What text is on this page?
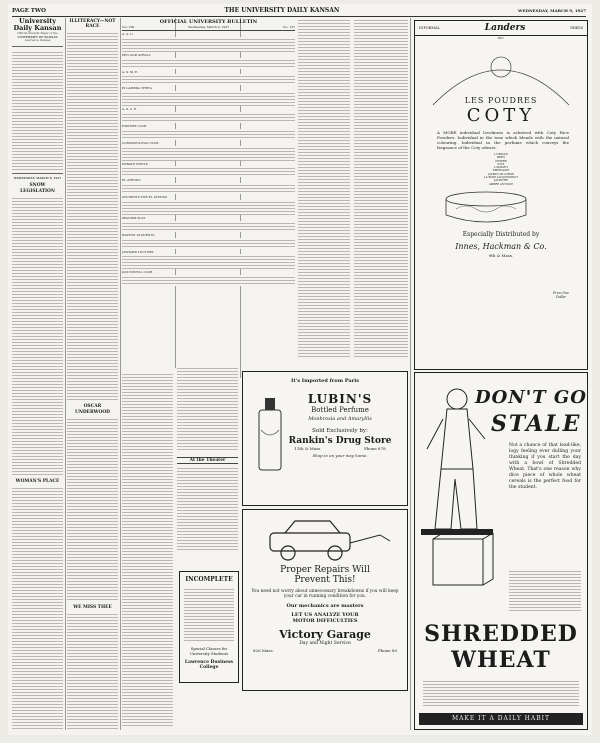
PAGE TWO	THE UNIVERSITY DAILY KANSAN	WEDNESDAY, MARCH 9, 1927
University Daily Kansan
Official Student Paper of the
UNIVERSITY OF KANSAS
Lawrence, Kansas
WEDNESDAY, MARCH 9, 1927
SNOW LEGISLATION
WOMAN'S PLACE
ILLITERACY—NOT RACE
OSCAR UNDERWOOD
WE MISS THEE
OFFICIAL UNIVERSITY BULLETIN
Vol. VIII	Wednesday, March 9, 1927	No. 137
A. A. U.
PEN AND SCROLL
A. S. M. E.
PI LAMBDA THETA
A. S. C. E.
HISTORY CLUB
COSMOPOLITAN CLUB
DEBATE CIRCLE
EL ATENEO
STUDENTS FOR EL ATENEO
SPANISH PLAY
BAPTIST STUDENTS
JAYHAWK LECTURE
DAY-NOVELL CLUB
At the Theater
It's Imported from Paris
LUBIN'S
Bottled Perfume
Monbrosia and Amaryllis
Sold Exclusively by:
Rankin's Drug Store
11th & Mass.	Phone 678
Shop in on your way home.
INCOMPLETE
Special Classes for
University Students
Lawrence Business College
Proper Repairs Will
Prevent This!
You need not worry about unnecessary breakdowns if you will keep your car in running condition for you.
Our mechanics are masters
LET US ANALYZE YOUR
MOTOR DIFFICULTIES
Victory Garage
Day and Night Service
826 Mass.	Phone 80
INFORMAL	Landers	DRESS
INC.
LES POUDRES
COTY
A MORE individual loveliness is achieved with Coty Face Powders. Individual in the tone which blends with the natural colouring. Individual in the perfume which conveys the fragrance of the Coty odeurs.
L'ORIGAN
PARIS
CHYPRE
STYX
L'AIMANT
EMERAUDE
JASMIN DE CORSE
LA ROSE JACQUEMINOT
JACINTHE
AMBRE ANTIQUE
Price One Dollar
Especially Distributed by
Innes, Hackman & Co.
9th & Mass.
DON'T GO
STALE
Not a chance of that lead-like, logy feeling ever dulling your thinking if you start the day with a bowl of Shredded Wheat. That's one reason why dice piece of whole wheat cereals is the perfect food for the student.
SHREDDED
WHEAT
MAKE IT A DAILY HABIT
